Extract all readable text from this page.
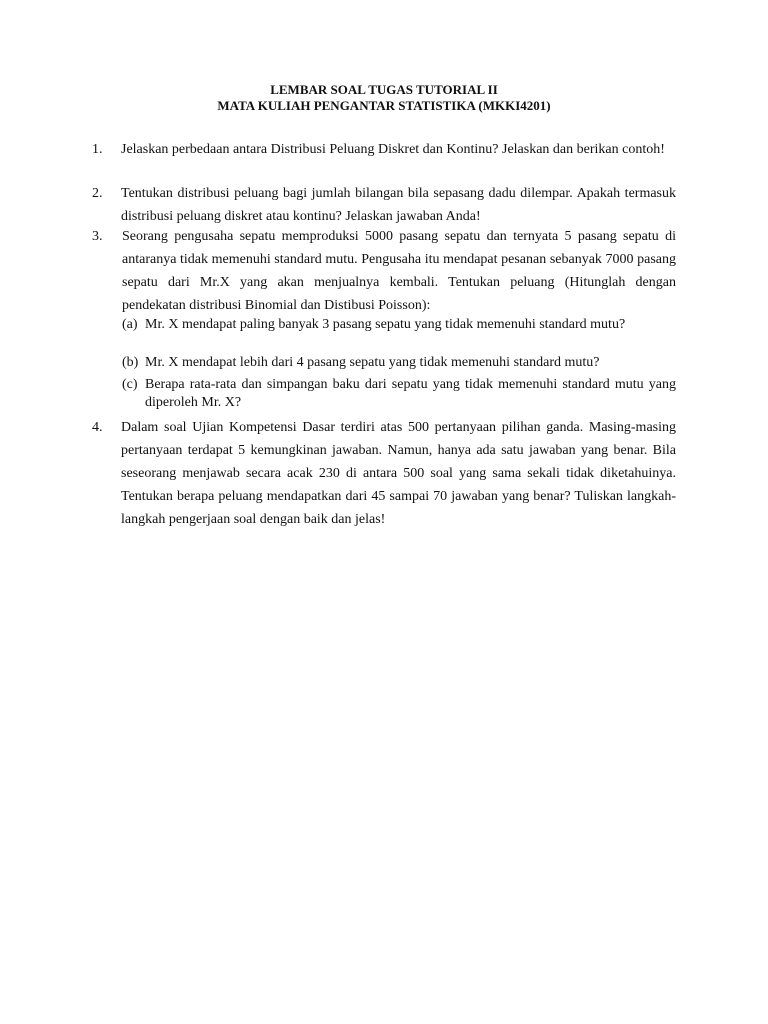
LEMBAR SOAL TUGAS TUTORIAL II
MATA KULIAH PENGANTAR STATISTIKA (MKKI4201)
1.	Jelaskan perbedaan antara Distribusi Peluang Diskret dan Kontinu? Jelaskan dan berikan contoh!
2.	Tentukan distribusi peluang bagi jumlah bilangan bila sepasang dadu dilempar. Apakah termasuk distribusi peluang diskret atau kontinu? Jelaskan jawaban Anda!
3.	Seorang pengusaha sepatu memproduksi 5000 pasang sepatu dan ternyata 5 pasang sepatu di antaranya tidak memenuhi standard mutu. Pengusaha itu mendapat pesanan sebanyak 7000 pasang sepatu dari Mr.X yang akan menjualnya kembali. Tentukan peluang (Hitunglah dengan pendekatan distribusi Binomial dan Distibusi Poisson):
(a) Mr. X mendapat paling banyak 3 pasang sepatu yang tidak memenuhi standard mutu?
(b) Mr. X mendapat lebih dari 4 pasang sepatu yang tidak memenuhi standard mutu?
(c) Berapa rata-rata dan simpangan baku dari sepatu yang tidak memenuhi standard mutu yang diperoleh Mr. X?
4.	Dalam soal Ujian Kompetensi Dasar terdiri atas 500 pertanyaan pilihan ganda. Masing-masing pertanyaan terdapat 5 kemungkinan jawaban. Namun, hanya ada satu jawaban yang benar. Bila seseorang menjawab secara acak 230 di antara 500 soal yang sama sekali tidak diketahuinya. Tentukan berapa peluang mendapatkan dari 45 sampai 70 jawaban yang benar? Tuliskan langkah-langkah pengerjaan soal dengan baik dan jelas!
